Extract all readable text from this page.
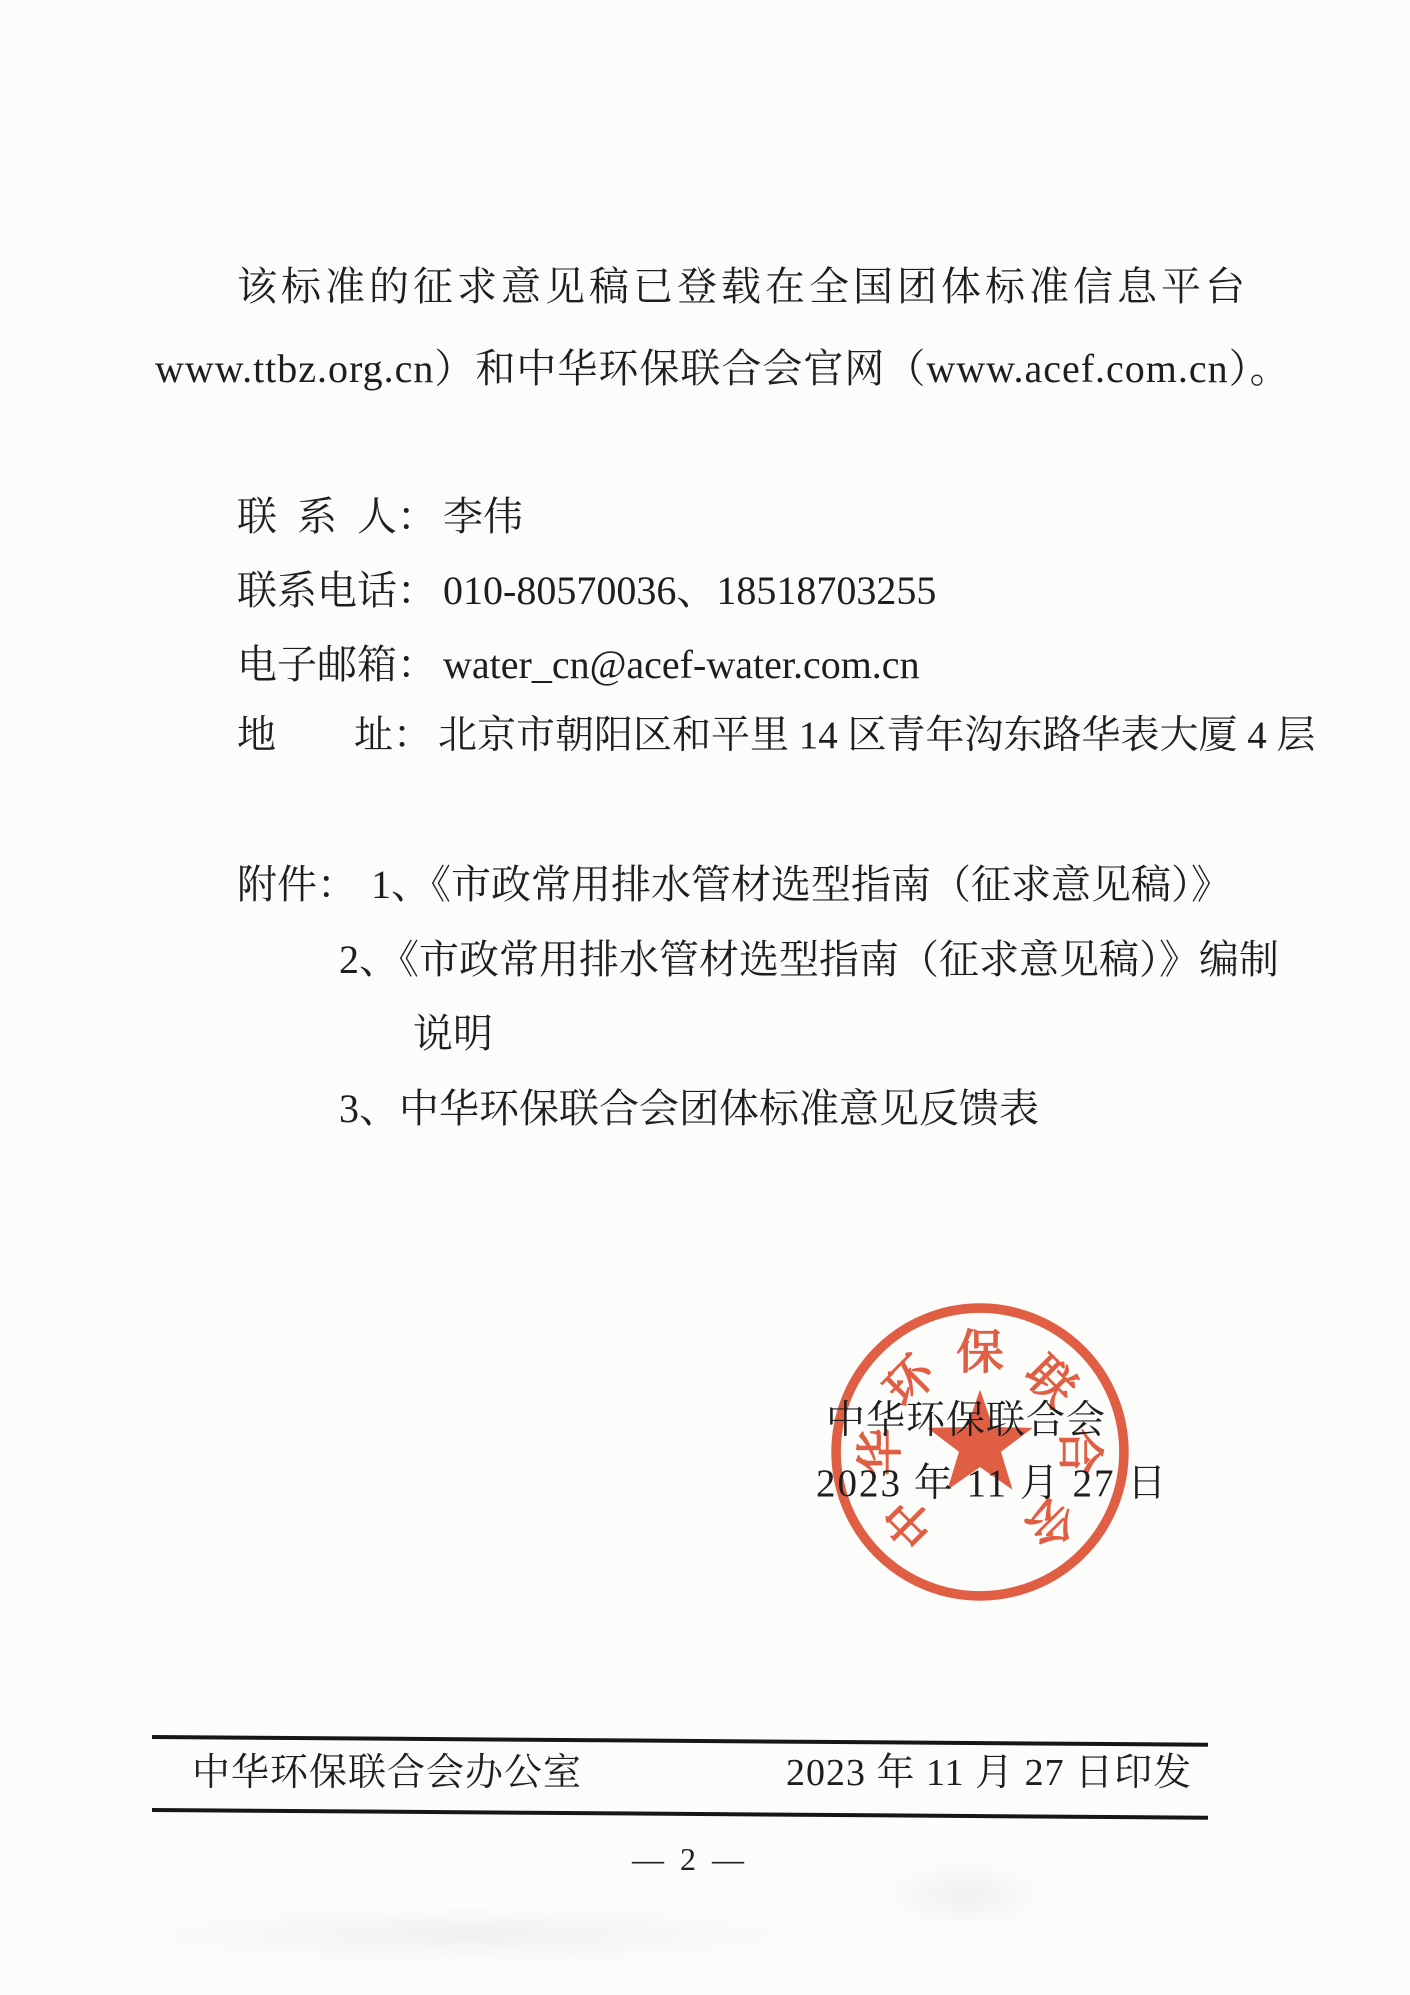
该标准的征求意见稿已登载在全国团体标准信息平台
www.ttbz.org.cn）和中华环保联合会官网（www.acef.com.cn）。
联 系 人： 李伟
联系电话： 010-80570036、18518703255
电子邮箱： water_cn@acef-water.com.cn
地　　址： 北京市朝阳区和平里 14 区青年沟东路华表大厦 4 层
附件： 1、《市政常用排水管材选型指南（征求意见稿）》
2、《市政常用排水管材选型指南（征求意见稿）》编制
说明
3、中华环保联合会团体标准意见反馈表
中
华
环 保 联
合
会
中华环保联合会
2023 年 11 月 27 日
中华环保联合会办公室	2023 年 11 月 27 日印发
— 2 —
